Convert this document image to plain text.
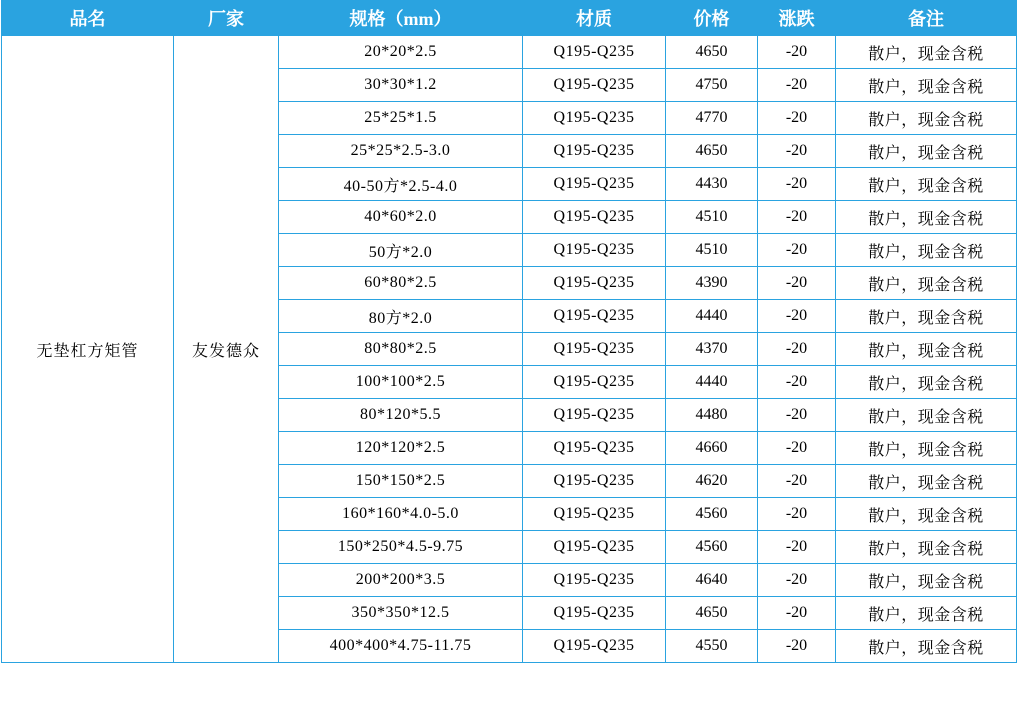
品名	厂家	规格（mm）	材质	价格	涨跌	备注
无垫杠方矩管	友发德众	20*20*2.5	Q195-Q235	4650	-20	散户，现金含税
		30*30*1.2	Q195-Q235	4750	-20	散户，现金含税
		25*25*1.5	Q195-Q235	4770	-20	散户，现金含税
		25*25*2.5-3.0	Q195-Q235	4650	-20	散户，现金含税
		40-50方*2.5-4.0	Q195-Q235	4430	-20	散户，现金含税
		40*60*2.0	Q195-Q235	4510	-20	散户，现金含税
		50方*2.0	Q195-Q235	4510	-20	散户，现金含税
		60*80*2.5	Q195-Q235	4390	-20	散户，现金含税
		80方*2.0	Q195-Q235	4440	-20	散户，现金含税
		80*80*2.5	Q195-Q235	4370	-20	散户，现金含税
		100*100*2.5	Q195-Q235	4440	-20	散户，现金含税
		80*120*5.5	Q195-Q235	4480	-20	散户，现金含税
		120*120*2.5	Q195-Q235	4660	-20	散户，现金含税
		150*150*2.5	Q195-Q235	4620	-20	散户，现金含税
		160*160*4.0-5.0	Q195-Q235	4560	-20	散户，现金含税
		150*250*4.5-9.75	Q195-Q235	4560	-20	散户，现金含税
		200*200*3.5	Q195-Q235	4640	-20	散户，现金含税
		350*350*12.5	Q195-Q235	4650	-20	散户，现金含税
		400*400*4.75-11.75	Q195-Q235	4550	-20	散户，现金含税
